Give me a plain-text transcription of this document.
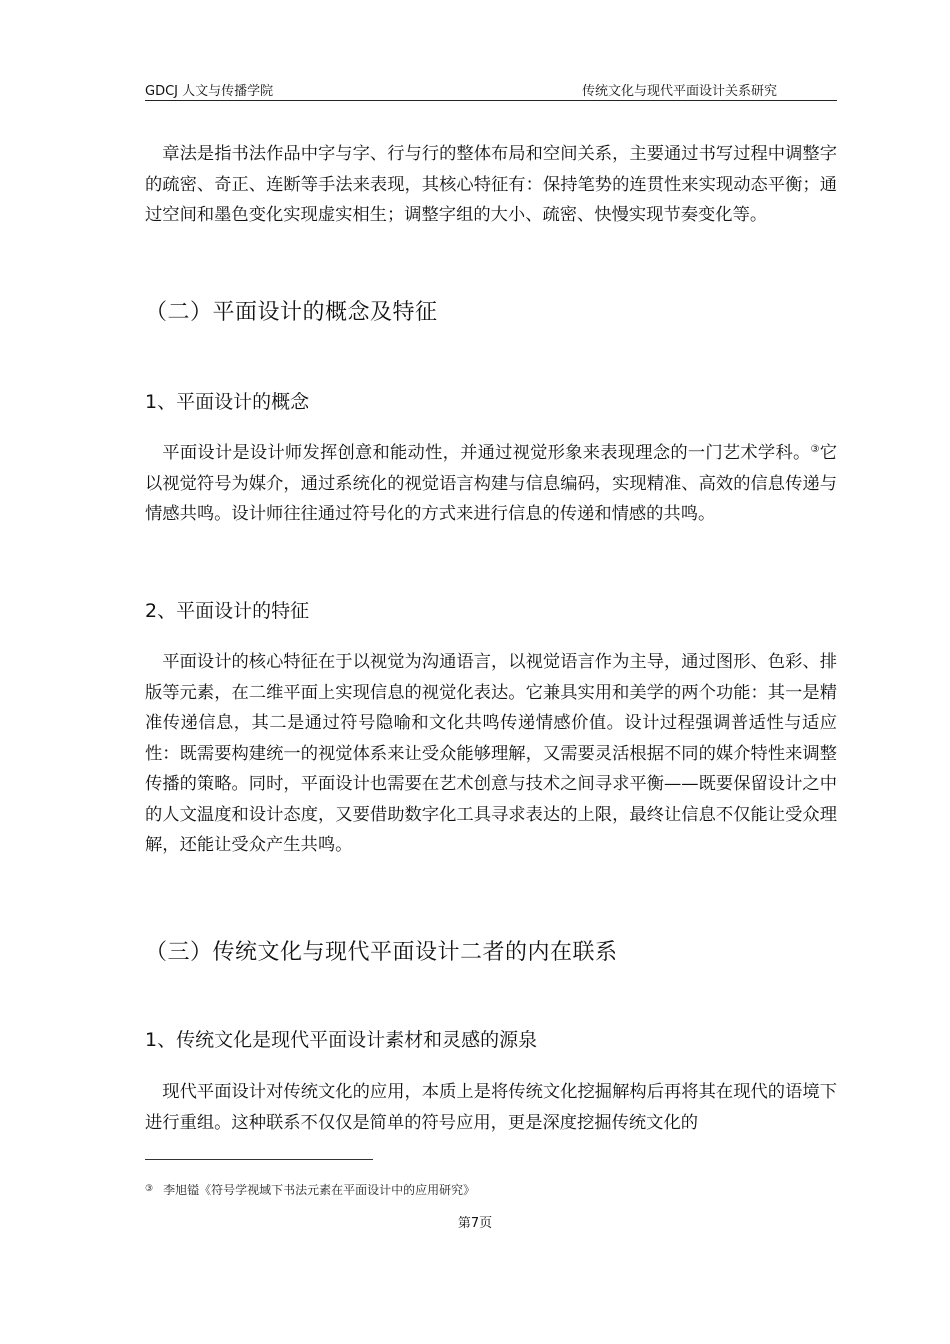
GDCJ 人文与传播学院	传统文化与现代平面设计关系研究

章法是指书法作品中字与字、行与行的整体布局和空间关系，主要通过书写过程中调整字的疏密、奇正、连断等手法来表现，其核心特征有：保持笔势的连贯性来实现动态平衡；通过空间和墨色变化实现虚实相生；调整字组的大小、疏密、快慢实现节奏变化等。

（二）平面设计的概念及特征
1、平面设计的概念

平面设计是设计师发挥创意和能动性，并通过视觉形象来表现理念的一门艺术学科。③它以视觉符号为媒介，通过系统化的视觉语言构建与信息编码，实现精准、高效的信息传递与情感共鸣。设计师往往通过符号化的方式来进行信息的传递和情感的共鸣。

2、平面设计的特征

平面设计的核心特征在于以视觉为沟通语言，以视觉语言作为主导，通过图形、色彩、排版等元素，在二维平面上实现信息的视觉化表达。它兼具实用和美学的两个功能：其一是精准传递信息，其二是通过符号隐喻和文化共鸣传递情感价值。设计过程强调普适性与适应性：既需要构建统一的视觉体系来让受众能够理解，又需要灵活根据不同的媒介特性来调整传播的策略。同时，平面设计也需要在艺术创意与技术之间寻求平衡——既要保留设计之中的人文温度和设计态度，又要借助数字化工具寻求表达的上限，最终让信息不仅能让受众理解，还能让受众产生共鸣。

（三）传统文化与现代平面设计二者的内在联系
1、传统文化是现代平面设计素材和灵感的源泉

现代平面设计对传统文化的应用，本质上是将传统文化挖掘解构后再将其在现代的语境下进行重组。这种联系不仅仅是简单的符号应用，更是深度挖掘传统文化的

③ 李旭镒《符号学视域下书法元素在平面设计中的应用研究》
第7页
